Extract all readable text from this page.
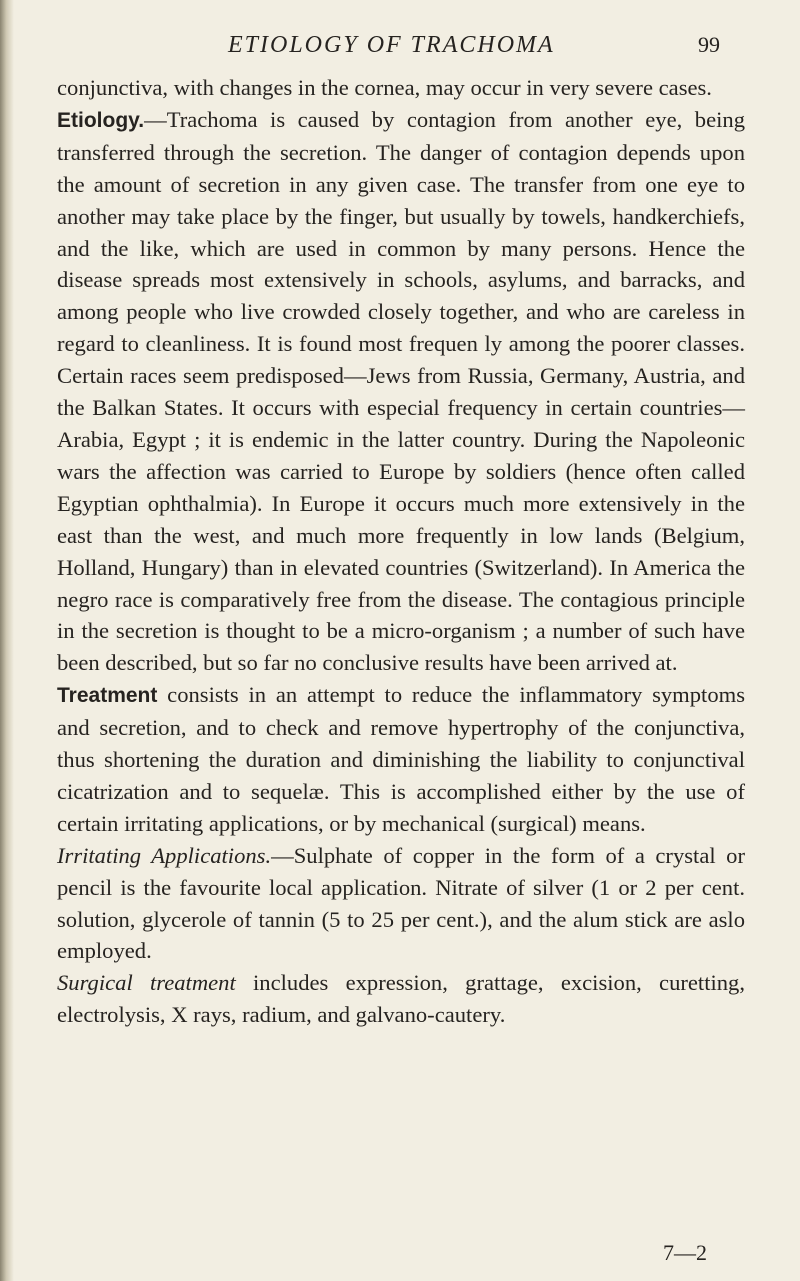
ETIOLOGY OF TRACHOMA	99

conjunctiva, with changes in the cornea, may occur in very severe cases.

Etiology.—Trachoma is caused by contagion from another eye, being transferred through the secretion. The danger of contagion depends upon the amount of secretion in any given case. The transfer from one eye to another may take place by the finger, but usually by towels, handkerchiefs, and the like, which are used in common by many persons. Hence the disease spreads most extensively in schools, asylums, and barracks, and among people who live crowded closely together, and who are careless in regard to cleanliness. It is found most frequen ly among the poorer classes. Certain races seem predisposed—Jews from Russia, Germany, Austria, and the Balkan States. It occurs with especial frequency in certain countries—Arabia, Egypt ; it is endemic in the latter country. During the Napoleonic wars the affection was carried to Europe by soldiers (hence often called Egyptian ophthalmia). In Europe it occurs much more extensively in the east than the west, and much more frequently in low lands (Belgium, Holland, Hungary) than in elevated countries (Switzerland). In America the negro race is comparatively free from the disease. The contagious principle in the secretion is thought to be a micro-organism ; a number of such have been described, but so far no conclusive results have been arrived at.

Treatment consists in an attempt to reduce the inflammatory symptoms and secretion, and to check and remove hypertrophy of the conjunctiva, thus shortening the duration and diminishing the liability to conjunctival cicatrization and to sequelæ. This is accomplished either by the use of certain irritating applications, or by mechanical (surgical) means.

Irritating Applications.—Sulphate of copper in the form of a crystal or pencil is the favourite local application. Nitrate of silver (1 or 2 per cent. solution, glycerole of tannin (5 to 25 per cent.), and the alum stick are aslo employed.

Surgical treatment includes expression, grattage, excision, curetting, electrolysis, X rays, radium, and galvano-cautery.

7—2
